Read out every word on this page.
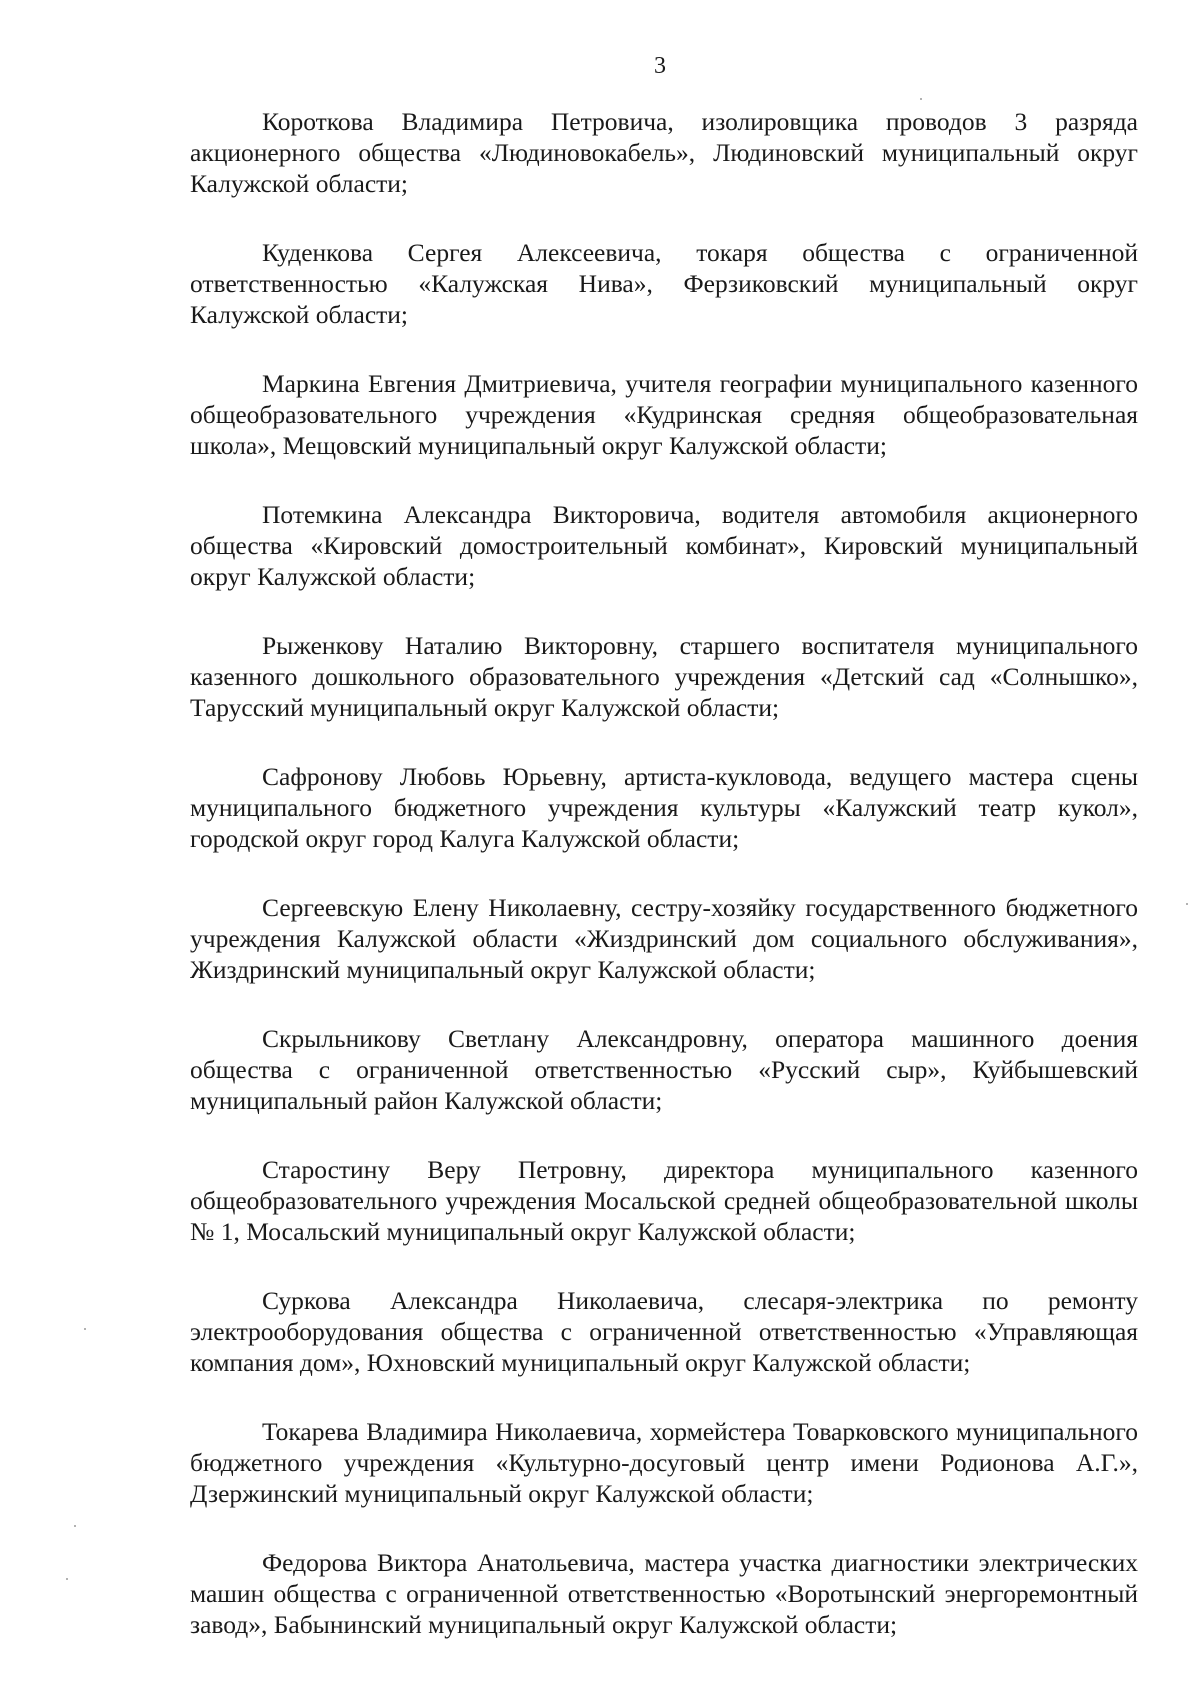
3

Короткова Владимира Петровича, изолировщика проводов 3 разряда акционерного общества «Людиновокабель», Людиновский муниципальный округ Калужской области;

Куденкова Сергея Алексеевича, токаря общества с ограниченной ответственностью «Калужская Нива», Ферзиковский муниципальный округ Калужской области;

Маркина Евгения Дмитриевича, учителя географии муниципального казенного общеобразовательного учреждения «Кудринская средняя общеобразовательная школа», Мещовский муниципальный округ Калужской области;

Потемкина Александра Викторовича, водителя автомобиля акционерного общества «Кировский домостроительный комбинат», Кировский муниципальный округ Калужской области;

Рыженкову Наталию Викторовну, старшего воспитателя муниципального казенного дошкольного образовательного учреждения «Детский сад «Солнышко», Тарусский муниципальный округ Калужской области;

Сафронову Любовь Юрьевну, артиста-кукловода, ведущего мастера сцены муниципального бюджетного учреждения культуры «Калужский театр кукол», городской округ город Калуга Калужской области;

Сергеевскую Елену Николаевну, сестру-хозяйку государственного бюджетного учреждения Калужской области «Жиздринский дом социального обслуживания», Жиздринский муниципальный округ Калужской области;

Скрыльникову Светлану Александровну, оператора машинного доения общества с ограниченной ответственностью «Русский сыр», Куйбышевский муниципальный район Калужской области;

Старостину Веру Петровну, директора муниципального казенного общеобразовательного учреждения Мосальской средней общеобразовательной школы № 1, Мосальский муниципальный округ Калужской области;

Суркова Александра Николаевича, слесаря-электрика по ремонту электрооборудования общества с ограниченной ответственностью «Управляющая компания дом», Юхновский муниципальный округ Калужской области;

Токарева Владимира Николаевича, хормейстера Товарковского муниципального бюджетного учреждения «Культурно-досуговый центр имени Родионова А.Г.», Дзержинский муниципальный округ Калужской области;

Федорова Виктора Анатольевича, мастера участка диагностики электрических машин общества с ограниченной ответственностью «Воротынский энергоремонтный завод», Бабынинский муниципальный округ Калужской области;
